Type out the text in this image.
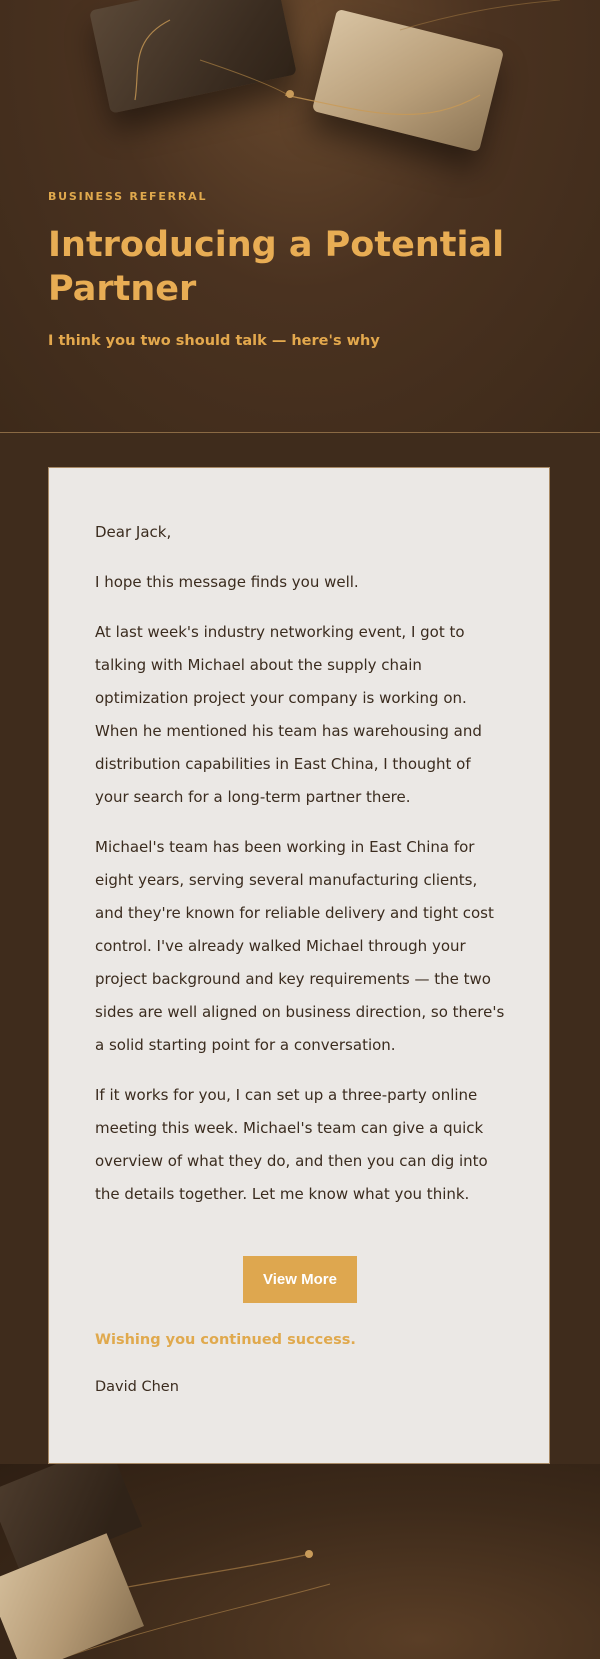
BUSINESS REFERRAL
Introducing a Potential Partner
I think you two should talk — here's why

Dear Jack,

I hope this message finds you well.

At last week's industry networking event, I got to talking with Michael about the supply chain optimization project your company is working on. When he mentioned his team has warehousing and distribution capabilities in East China, I thought of your search for a long-term partner there.

Michael's team has been working in East China for eight years, serving several manufacturing clients, and they're known for reliable delivery and tight cost control. I've already walked Michael through your project background and key requirements — the two sides are well aligned on business direction, so there's a solid starting point for a conversation.

If it works for you, I can set up a three-party online meeting this week. Michael's team can give a quick overview of what they do, and then you can dig into the details together. Let me know what you think.

View More
Wishing you continued success.
David Chen
